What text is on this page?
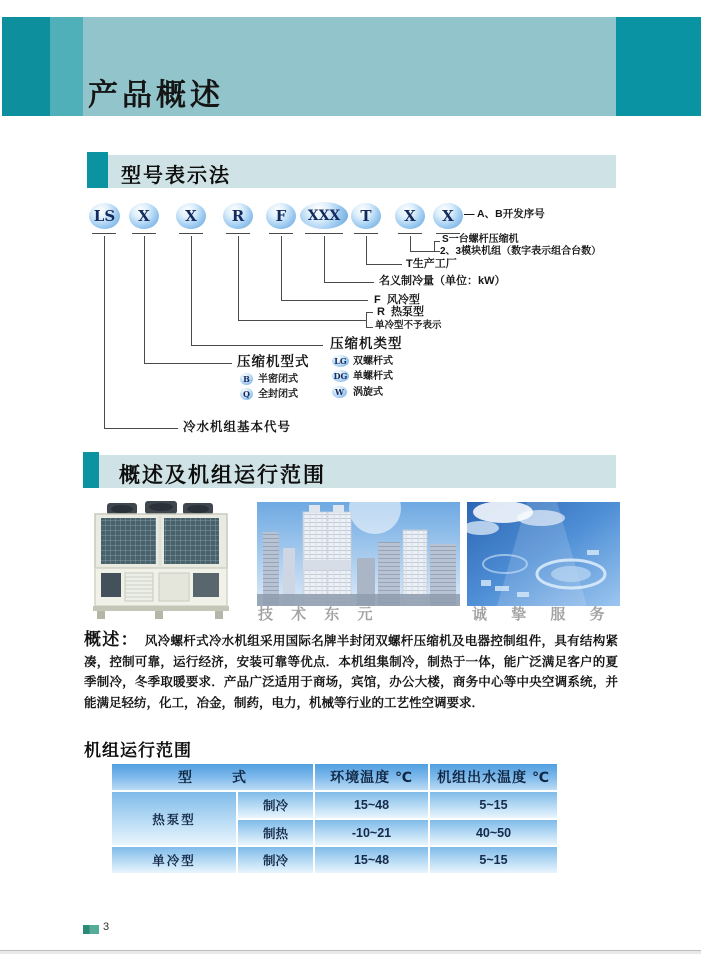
产品概述
型号表示法
LS	X	X	R	F	XXX	T	X	X — A、B开发序号
S一台螺杆压缩机
2、3模块机组（数字表示组合台数）
T生产工厂
名义制冷量（单位：kW）
F  风冷型
R  热泵型
单冷型不予表示
压缩机类型
压缩机型式
冷水机组基本代号
B 半密闭式
Q 全封闭式
LG 双螺杆式
DG 单螺杆式
W 涡旋式
概述及机组运行范围
技 术 东 元	诚 挚 服 务
概述： 风冷螺杆式冷水机组采用国际名牌半封闭双螺杆压缩机及电器控制组件，具有结构紧凑，控制可靠，运行经济，安装可靠等优点．本机组集制冷，制热于一体，能广泛满足客户的夏季制冷，冬季取暖要求．产品广泛适用于商场，宾馆，办公大楼，商务中心等中央空调系统，并能满足轻纺，化工，冶金，制药，电力，机械等行业的工艺性空调要求．
机组运行范围
型        式	环境温度 ℃	机组出水温度 ℃
热泵型
制冷	15~48	5~15
制热	-10~21	40~50
单冷型	制冷	15~48	5~15
3
